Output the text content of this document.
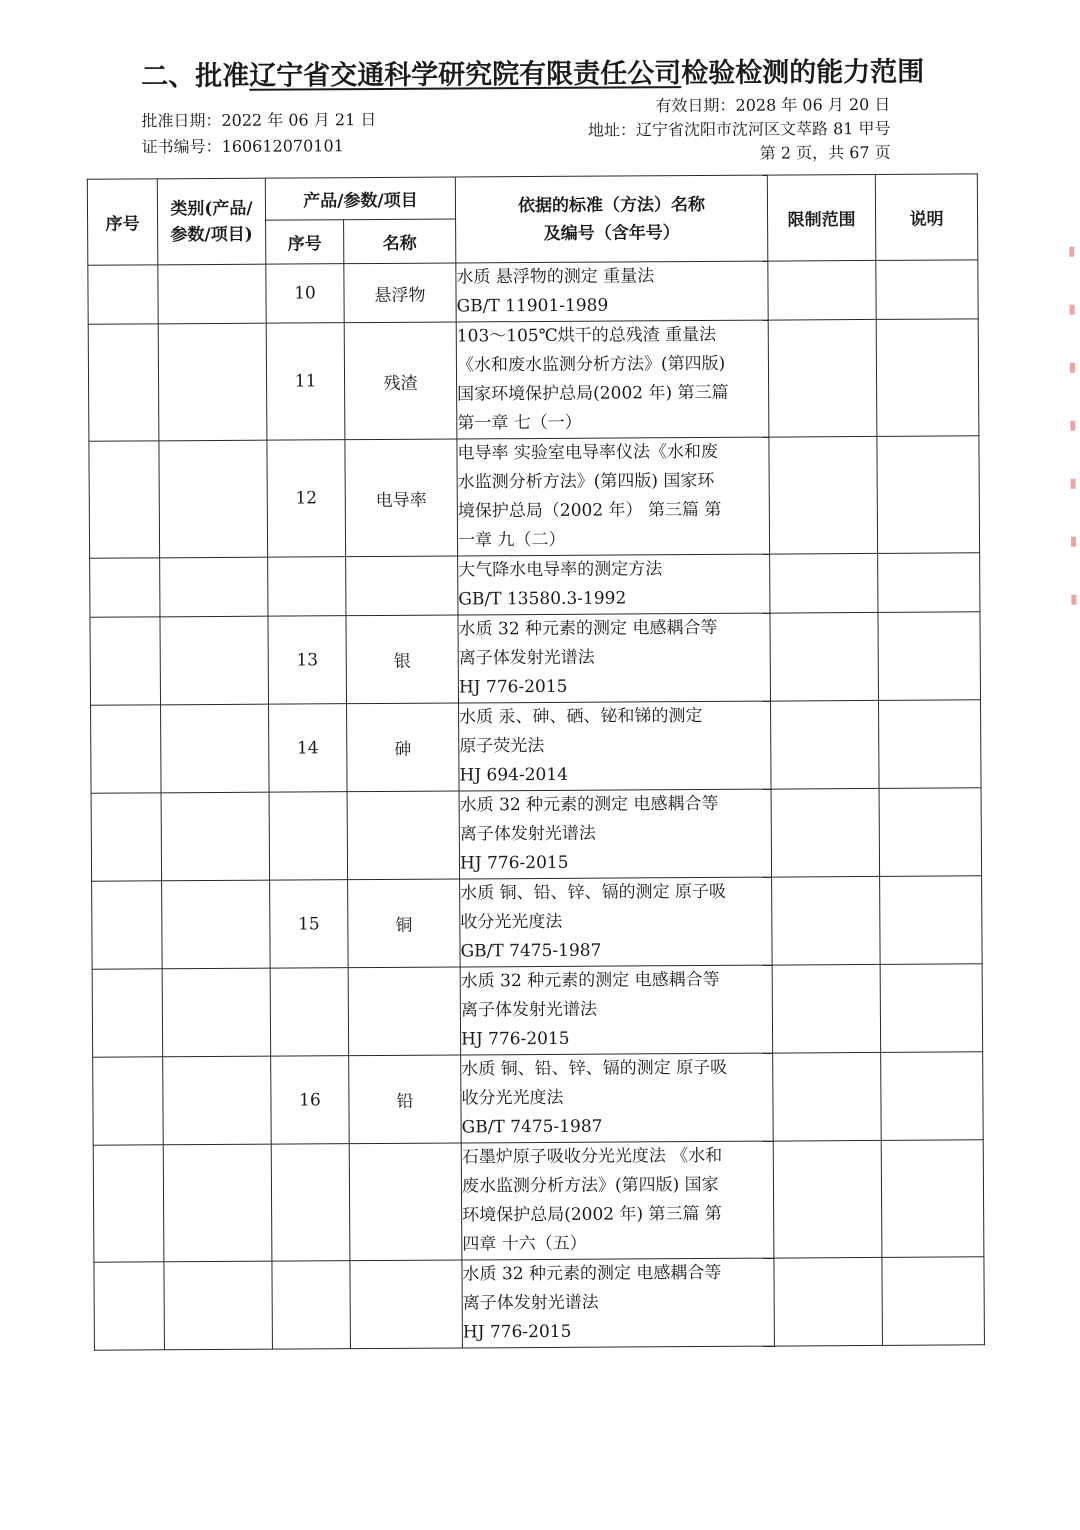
二、批准辽宁省交通科学研究院有限责任公司检验检测的能力范围
批准日期：2022 年 06 月 21 日
证书编号：160612070101
有效日期：2028 年 06 月 20 日
地址：辽宁省沈阳市沈河区文萃路 81 甲号
第 2 页，共 67 页
序号	类别(产品/参数/项目)	产品/参数/项目		依据的标准（方法）名称
及编号（含年号）	限制范围	说明
		序号	名称			
		10	悬浮物	水质 悬浮物的测定 重量法
GB/T 11901-1989		

		11	残渣	103～105℃烘干的总残渣 重量法
《水和废水监测分析方法》(第四版)
国家环境保护总局(2002 年) 第三篇
第一章 七（一）		

		12	电导率	电导率 实验室电导率仪法《水和废
水监测分析方法》(第四版) 国家环
境保护总局（2002 年） 第三篇 第
一章 九（二）		

				大气降水电导率的测定方法
GB/T 13580.3-1992		

		13	银	水质 32 种元素的测定 电感耦合等
离子体发射光谱法
HJ 776-2015		

		14	砷	水质 汞、砷、硒、铋和锑的测定
原子荧光法
HJ 694-2014		

				水质 32 种元素的测定 电感耦合等
离子体发射光谱法
HJ 776-2015		

		15	铜	水质 铜、铅、锌、镉的测定 原子吸
收分光光度法
GB/T 7475-1987		

				水质 32 种元素的测定 电感耦合等
离子体发射光谱法
HJ 776-2015		

		16	铅	水质 铜、铅、锌、镉的测定 原子吸
收分光光度法
GB/T 7475-1987		

				石墨炉原子吸收分光光度法 《水和
废水监测分析方法》(第四版) 国家
环境保护总局(2002 年) 第三篇 第
四章 十六（五）		

				水质 32 种元素的测定 电感耦合等
离子体发射光谱法
HJ 776-2015		
